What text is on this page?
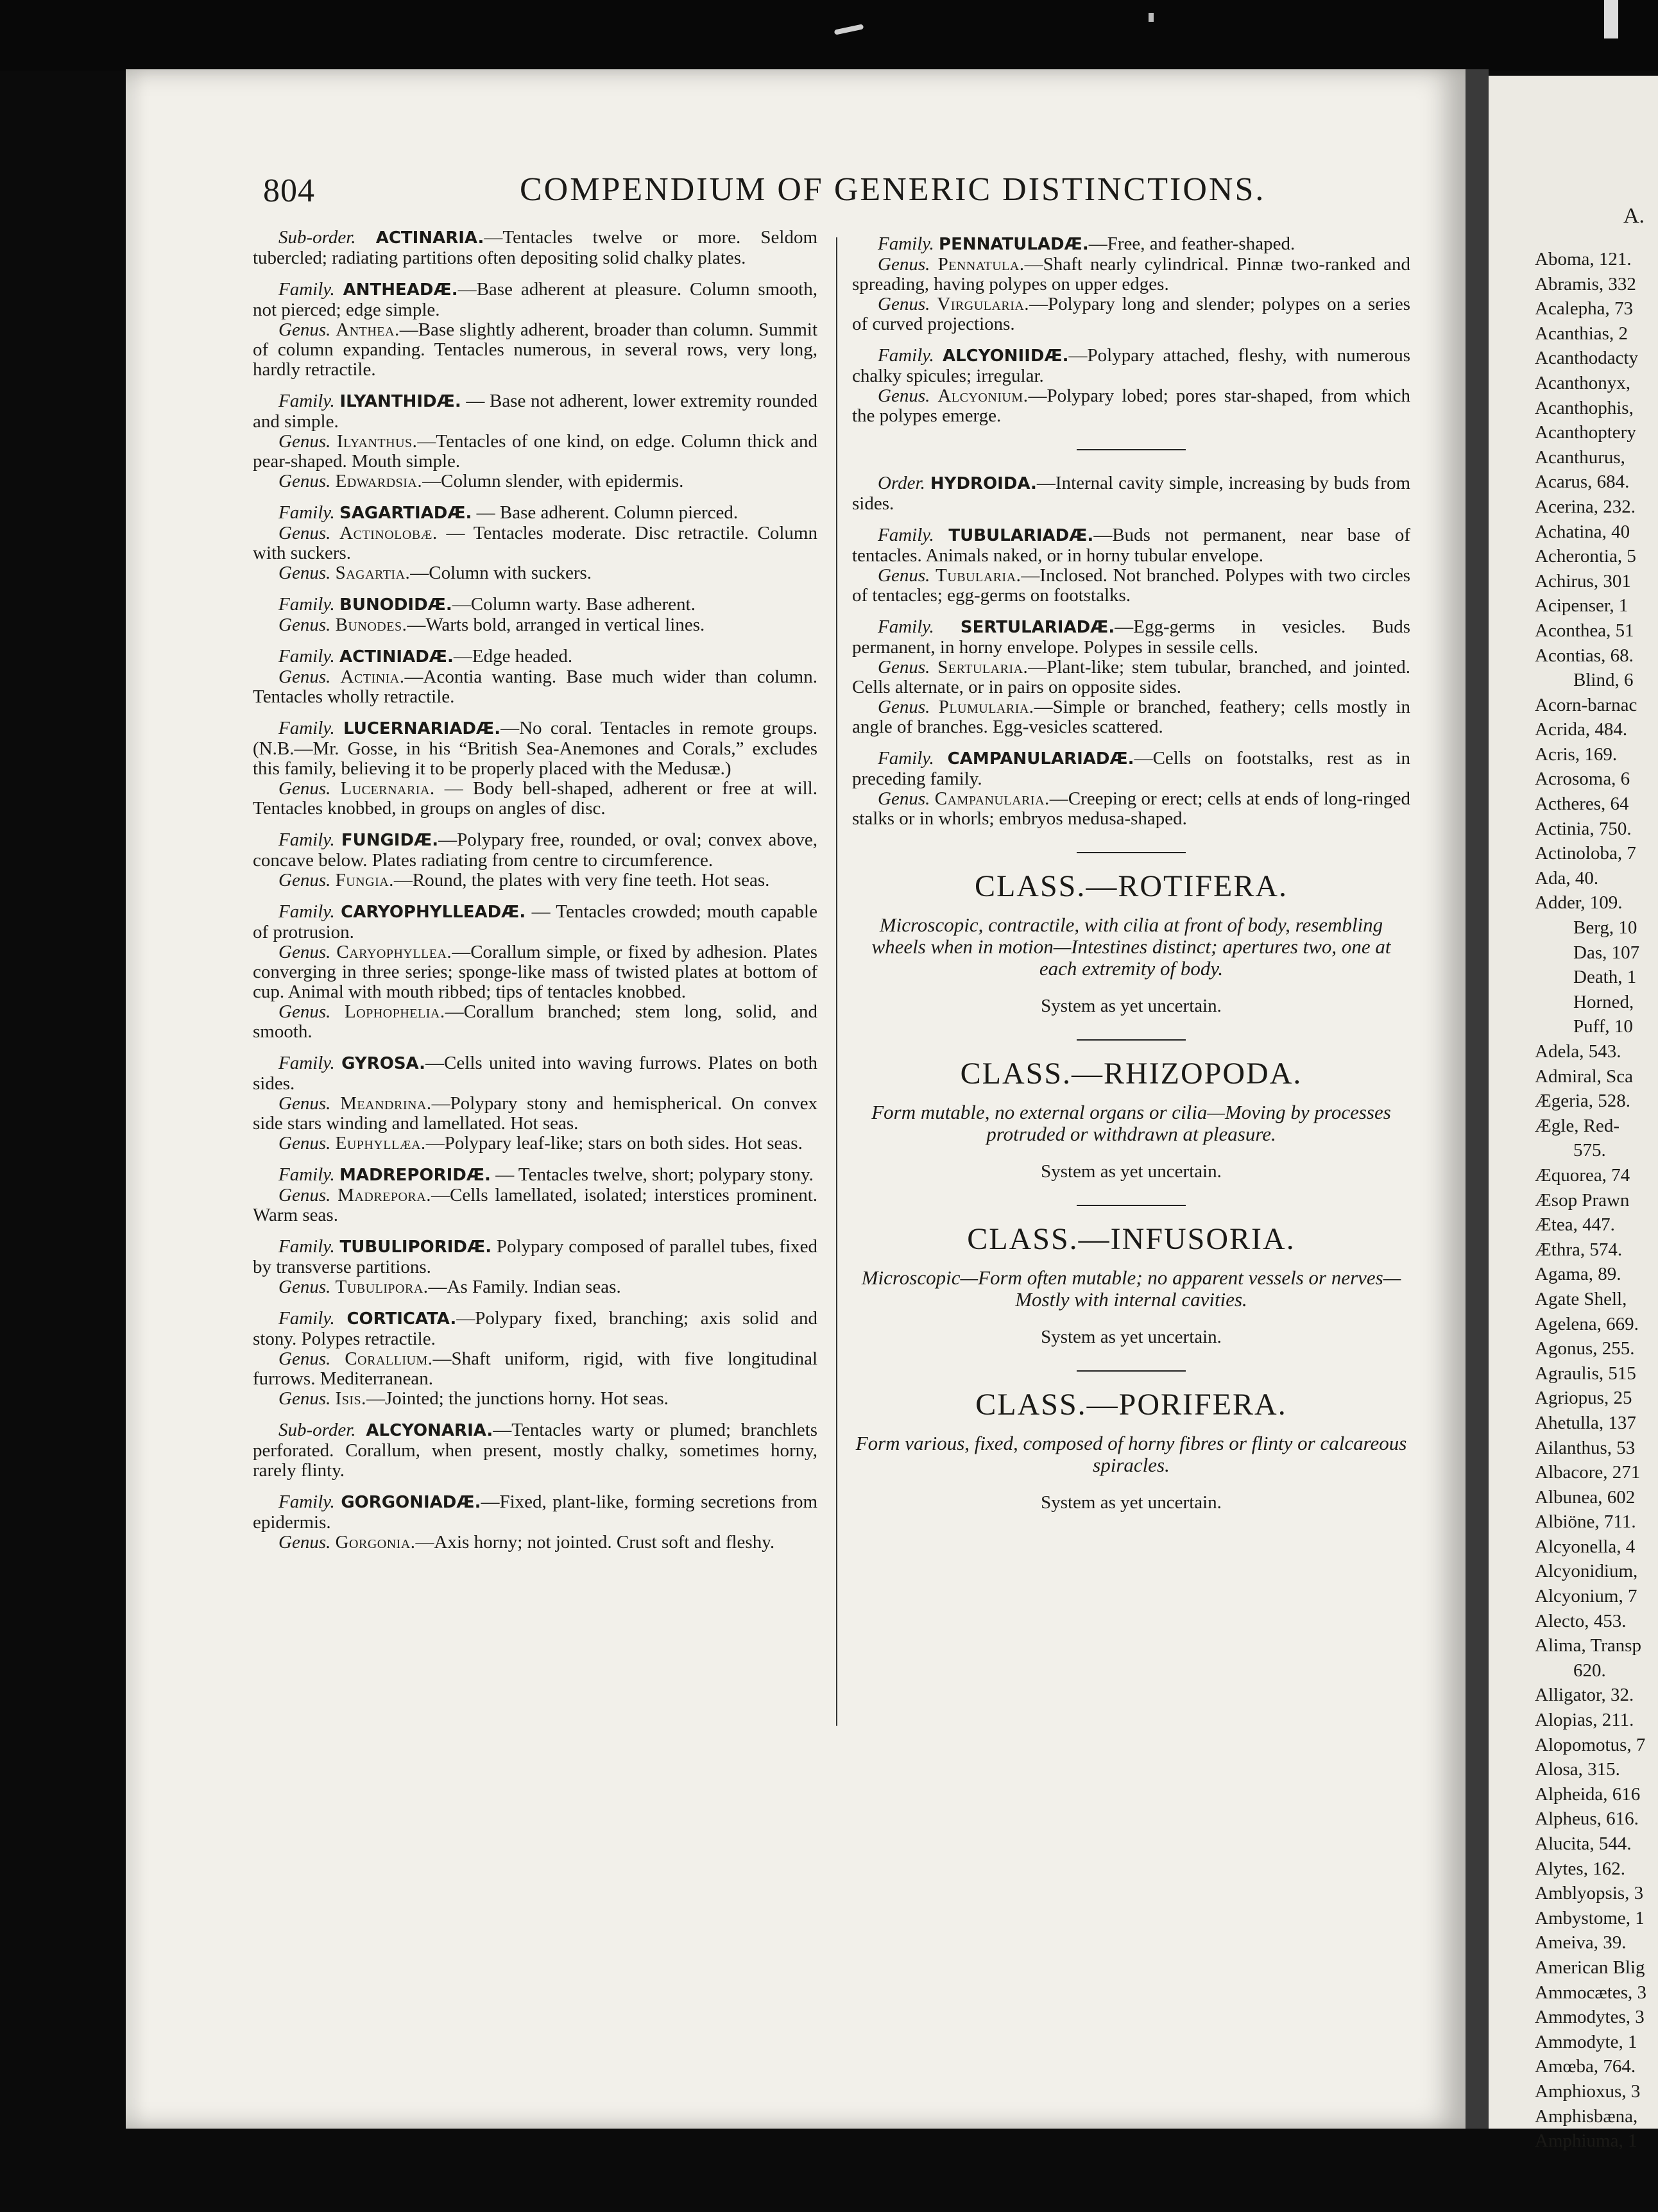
804	COMPENDIUM OF GENERIC DISTINCTIONS.

Sub-order. ACTINARIA.—Tentacles twelve or more. Seldom tubercled; radiating partitions often depositing solid chalky plates.

Family. ANTHEADÆ.—Base adherent at pleasure. Column smooth, not pierced; edge simple.

Genus. Anthea.—Base slightly adherent, broader than column. Summit of column expanding. Tentacles numerous, in several rows, very long, hardly retractile.

Family. ILYANTHIDÆ. — Base not adherent, lower extremity rounded and simple.

Genus. Ilyanthus.—Tentacles of one kind, on edge. Column thick and pear-shaped. Mouth simple.

Genus. Edwardsia.—Column slender, with epidermis.

Family. SAGARTIADÆ. — Base adherent. Column pierced.

Genus. Actinolobæ. — Tentacles moderate. Disc retractile. Column with suckers.

Genus. Sagartia.—Column with suckers.

Family. BUNODIDÆ.—Column warty. Base adherent.

Genus. Bunodes.—Warts bold, arranged in vertical lines.

Family. ACTINIADÆ.—Edge headed.

Genus. Actinia.—Acontia wanting. Base much wider than column. Tentacles wholly retractile.

Family. LUCERNARIADÆ.—No coral. Tentacles in remote groups. (N.B.—Mr. Gosse, in his “British Sea-Anemones and Corals,” excludes this family, believing it to be properly placed with the Medusæ.)

Genus. Lucernaria. — Body bell-shaped, adherent or free at will. Tentacles knobbed, in groups on angles of disc.

Family. FUNGIDÆ.—Polypary free, rounded, or oval; convex above, concave below. Plates radiating from centre to circumference.

Genus. Fungia.—Round, the plates with very fine teeth. Hot seas.

Family. CARYOPHYLLEADÆ. — Tentacles crowded; mouth capable of protrusion.

Genus. Caryophyllea.—Corallum simple, or fixed by adhesion. Plates converging in three series; sponge-like mass of twisted plates at bottom of cup. Animal with mouth ribbed; tips of tentacles knobbed.

Genus. Lophophelia.—Corallum branched; stem long, solid, and smooth.

Family. GYROSA.—Cells united into waving furrows. Plates on both sides.

Genus. Meandrina.—Polypary stony and hemispherical. On convex side stars winding and lamellated. Hot seas.

Genus. Euphyllæa.—Polypary leaf-like; stars on both sides. Hot seas.

Family. MADREPORIDÆ. — Tentacles twelve, short; polypary stony.

Genus. Madrepora.—Cells lamellated, isolated; interstices prominent. Warm seas.

Family. TUBULIPORIDÆ. Polypary composed of parallel tubes, fixed by transverse partitions.

Genus. Tubulipora.—As Family. Indian seas.

Family. CORTICATA.—Polypary fixed, branching; axis solid and stony. Polypes retractile.

Genus. Corallium.—Shaft uniform, rigid, with five longitudinal furrows. Mediterranean.

Genus. Isis.—Jointed; the junctions horny. Hot seas.

Sub-order. ALCYONARIA.—Tentacles warty or plumed; branchlets perforated. Corallum, when present, mostly chalky, sometimes horny, rarely flinty.

Family. GORGONIADÆ.—Fixed, plant-like, forming secretions from epidermis.

Genus. Gorgonia.—Axis horny; not jointed. Crust soft and fleshy.

Family. PENNATULADÆ.—Free, and feather-shaped.

Genus. Pennatula.—Shaft nearly cylindrical. Pinnæ two-ranked and spreading, having polypes on upper edges.

Genus. Virgularia.—Polypary long and slender; polypes on a series of curved projections.

Family. ALCYONIIDÆ.—Polypary attached, fleshy, with numerous chalky spicules; irregular.

Genus. Alcyonium.—Polypary lobed; pores star-shaped, from which the polypes emerge.

Order. HYDROIDA.—Internal cavity simple, increasing by buds from sides.

Family. TUBULARIADÆ.—Buds not permanent, near base of tentacles. Animals naked, or in horny tubular envelope.

Genus. Tubularia.—Inclosed. Not branched. Polypes with two circles of tentacles; egg-germs on footstalks.

Family. SERTULARIADÆ.—Egg-germs in vesicles. Buds permanent, in horny envelope. Polypes in sessile cells.

Genus. Sertularia.—Plant-like; stem tubular, branched, and jointed. Cells alternate, or in pairs on opposite sides.

Genus. Plumularia.—Simple or branched, feathery; cells mostly in angle of branches. Egg-vesicles scattered.

Family. CAMPANULARIADÆ.—Cells on footstalks, rest as in preceding family.

Genus. Campanularia.—Creeping or erect; cells at ends of long-ringed stalks or in whorls; embryos medusa-shaped.

CLASS.—ROTIFERA.
Microscopic, contractile, with cilia at front of body, resembling wheels when in motion—Intestines distinct; apertures two, one at each extremity of body.
System as yet uncertain.
CLASS.—RHIZOPODA.
Form mutable, no external organs or cilia—Moving by processes protruded or withdrawn at pleasure.
System as yet uncertain.
CLASS.—INFUSORIA.
Microscopic—Form often mutable; no apparent vessels or nerves—Mostly with internal cavities.
System as yet uncertain.
CLASS.—PORIFERA.
Form various, fixed, composed of horny fibres or flinty or calcareous spiracles.
System as yet uncertain.
A.
Aboma, 121.
Abramis, 332
Acalepha, 73
Acanthias, 2
Acanthodacty
Acanthonyx,
Acanthophis,
Acanthoptery
Acanthurus,
Acarus, 684.
Acerina, 232.
Achatina, 40
Acherontia, 5
Achirus, 301
Acipenser, 1
Aconthea, 51
Acontias, 68.
Blind, 6
Acorn-barnac
Acrida, 484.
Acris, 169.
Acrosoma, 6
Actheres, 64
Actinia, 750.
Actinoloba, 7
Ada, 40.
Adder, 109.
Berg, 10
Das, 107
Death, 1
Horned,
Puff, 10
Adela, 543.
Admiral, Sca
Ægeria, 528.
Ægle, Red-
575.
Æquorea, 74
Æsop Prawn
Ætea, 447.
Æthra, 574.
Agama, 89.
Agate Shell,
Agelena, 669.
Agonus, 255.
Agraulis, 515
Agriopus, 25
Ahetulla, 137
Ailanthus, 53
Albacore, 271
Albunea, 602
Albiöne, 711.
Alcyonella, 4
Alcyonidium,
Alcyonium, 7
Alecto, 453.
Alima, Transp
620.
Alligator, 32.
Alopias, 211.
Alopomotus, 7
Alosa, 315.
Alpheida, 616
Alpheus, 616.
Alucita, 544.
Alytes, 162.
Amblyopsis, 3
Ambystome, 1
Ameiva, 39.
American Blig
Ammocætes, 3
Ammodytes, 3
Ammodyte, 1
Amœba, 764.
Amphioxus, 3
Amphisbæna,
Amphiuma, 1
